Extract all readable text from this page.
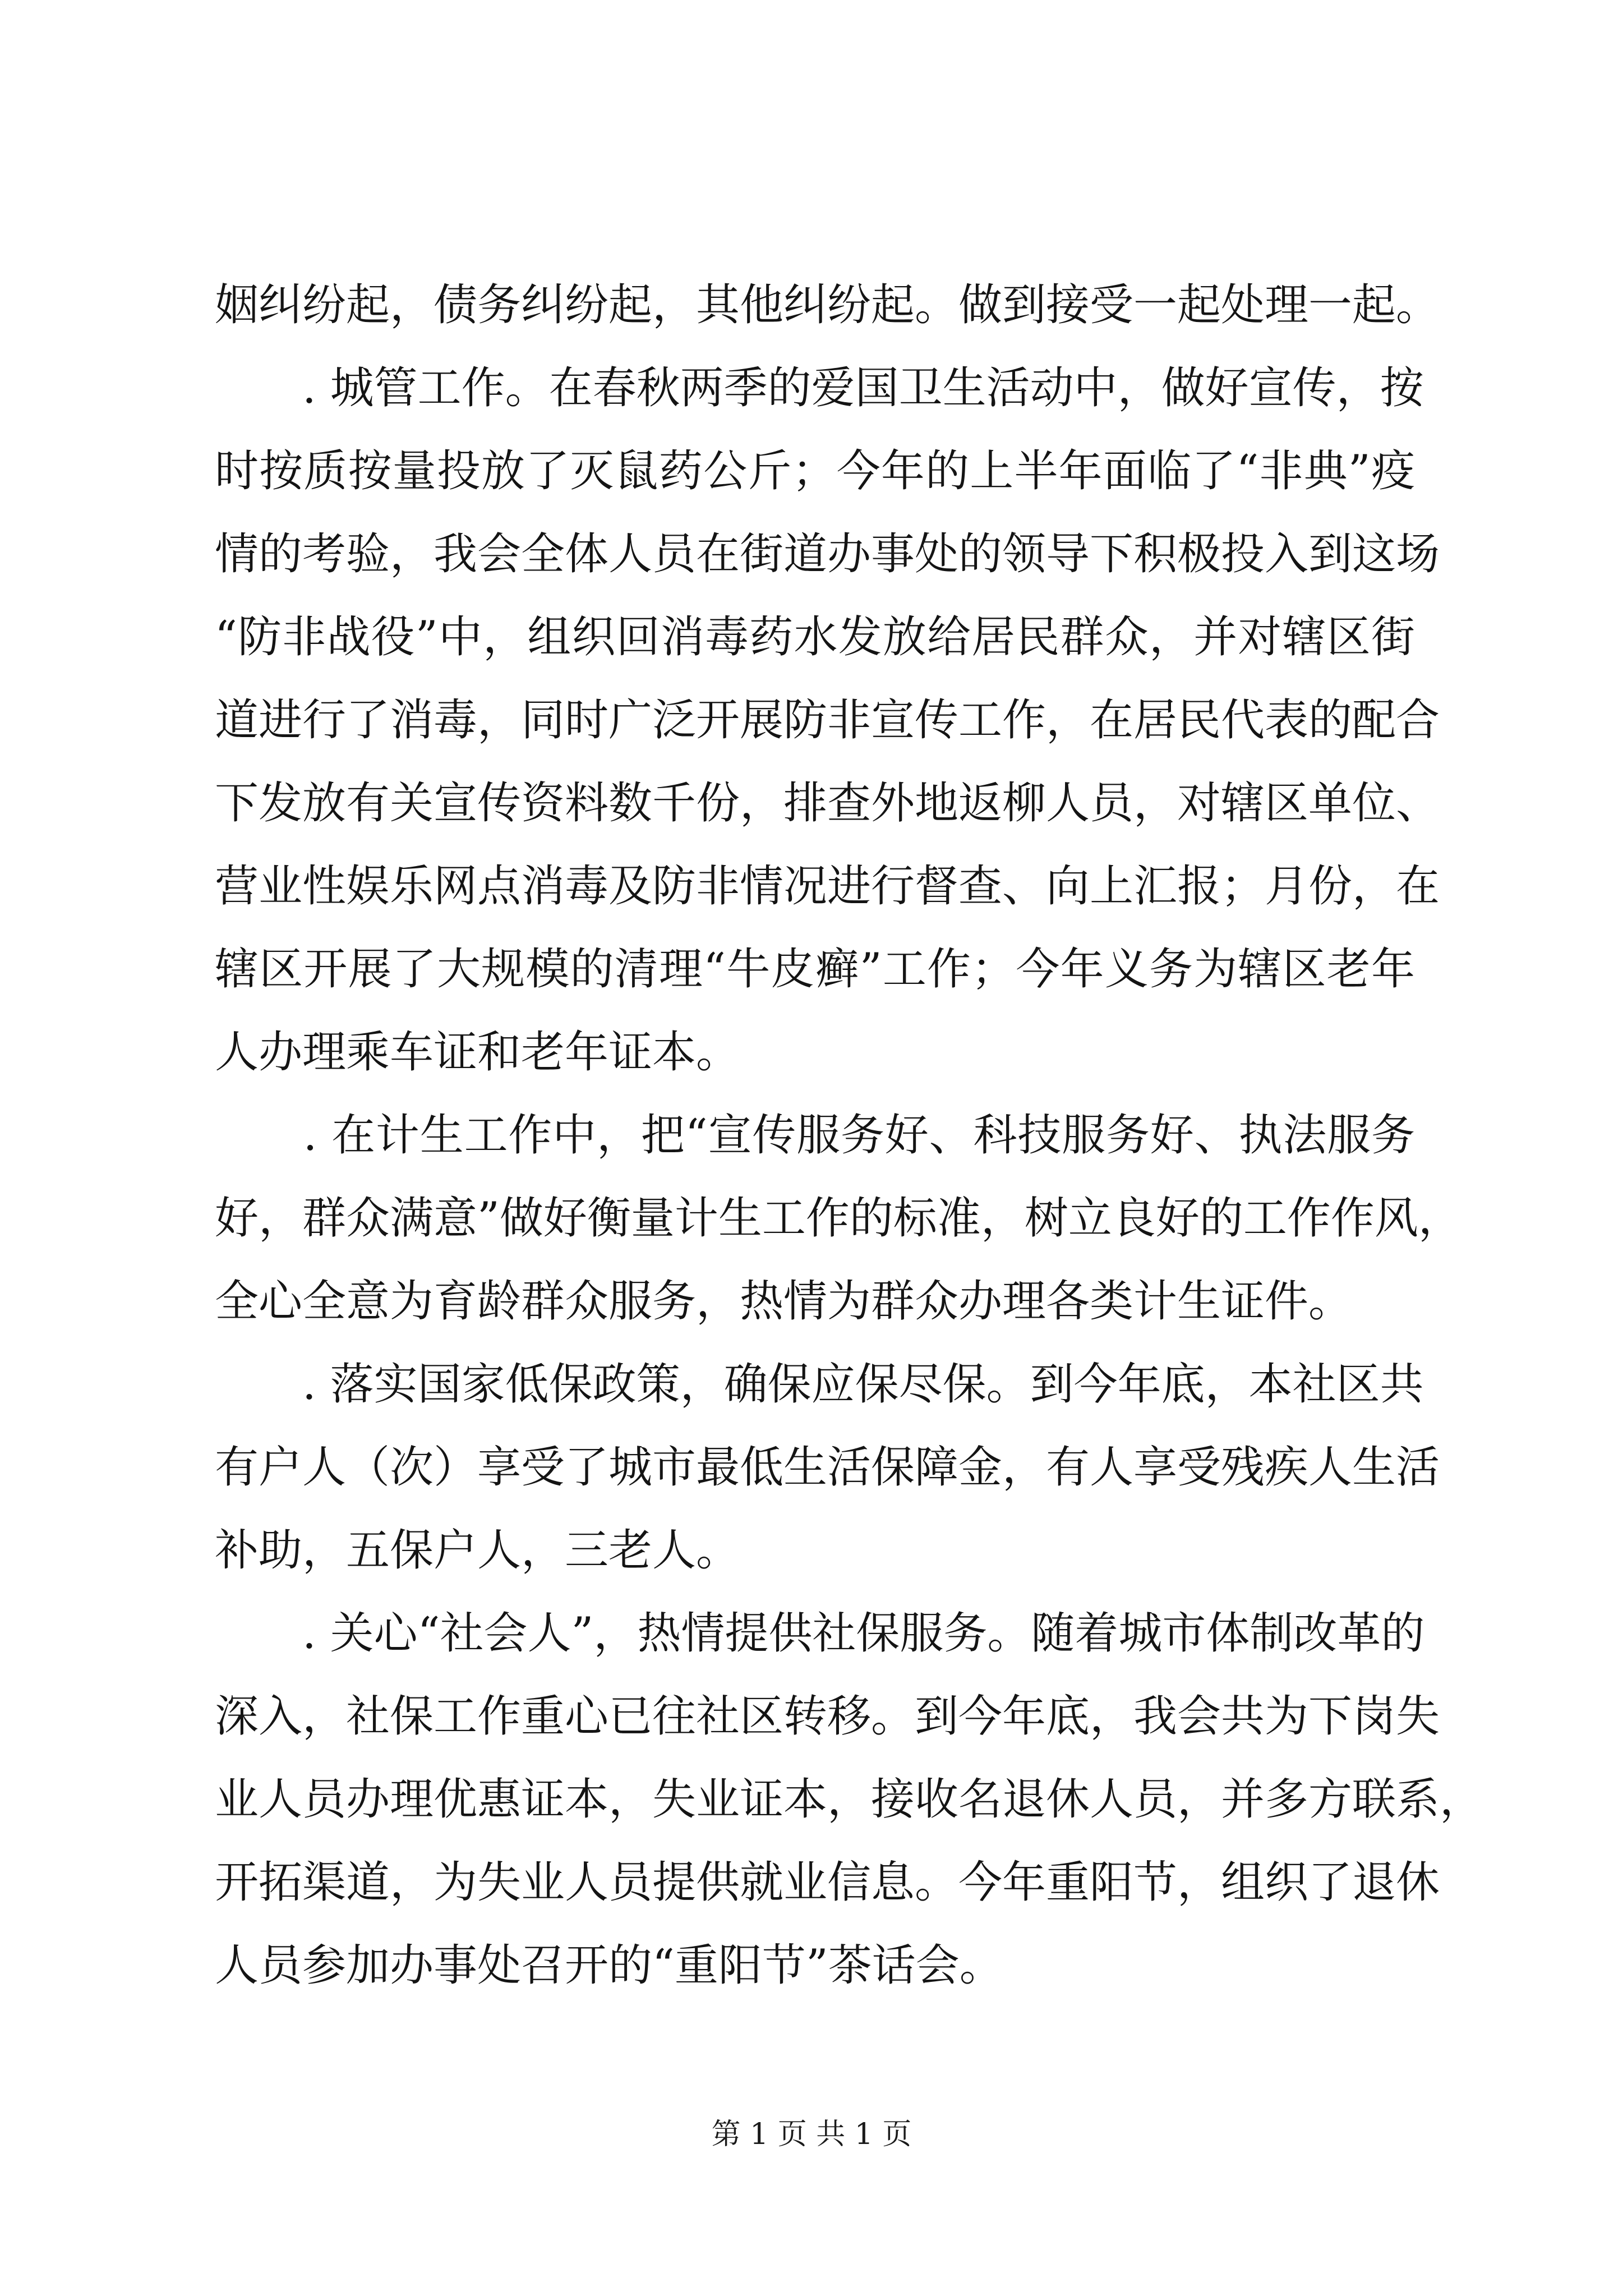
姻纠纷起，债务纠纷起，其他纠纷起。做到接受一起处理一起。
　　. 城管工作。在春秋两季的爱国卫生活动中，做好宣传，按
时按质按量投放了灭鼠药公斤；今年的上半年面临了“非典”疫
情的考验，我会全体人员在街道办事处的领导下积极投入到这场
“防非战役”中，组织回消毒药水发放给居民群众，并对辖区街
道进行了消毒，同时广泛开展防非宣传工作，在居民代表的配合
下发放有关宣传资料数千份，排查外地返柳人员，对辖区单位、
营业性娱乐网点消毒及防非情况进行督查、向上汇报；月份，在
辖区开展了大规模的清理“牛皮癣”工作；今年义务为辖区老年
人办理乘车证和老年证本。
　　. 在计生工作中，把“宣传服务好、科技服务好、执法服务
好，群众满意”做好衡量计生工作的标准，树立良好的工作作风，
全心全意为育龄群众服务，热情为群众办理各类计生证件。
　　. 落实国家低保政策，确保应保尽保。到今年底，本社区共
有户人（次）享受了城市最低生活保障金，有人享受残疾人生活
补助，五保户人，三老人。
　　. 关心“社会人”，热情提供社保服务。随着城市体制改革的
深入，社保工作重心已往社区转移。到今年底，我会共为下岗失
业人员办理优惠证本，失业证本，接收名退休人员，并多方联系，
开拓渠道，为失业人员提供就业信息。今年重阳节，组织了退休
人员参加办事处召开的“重阳节”茶话会。
第 1 页 共 1 页
